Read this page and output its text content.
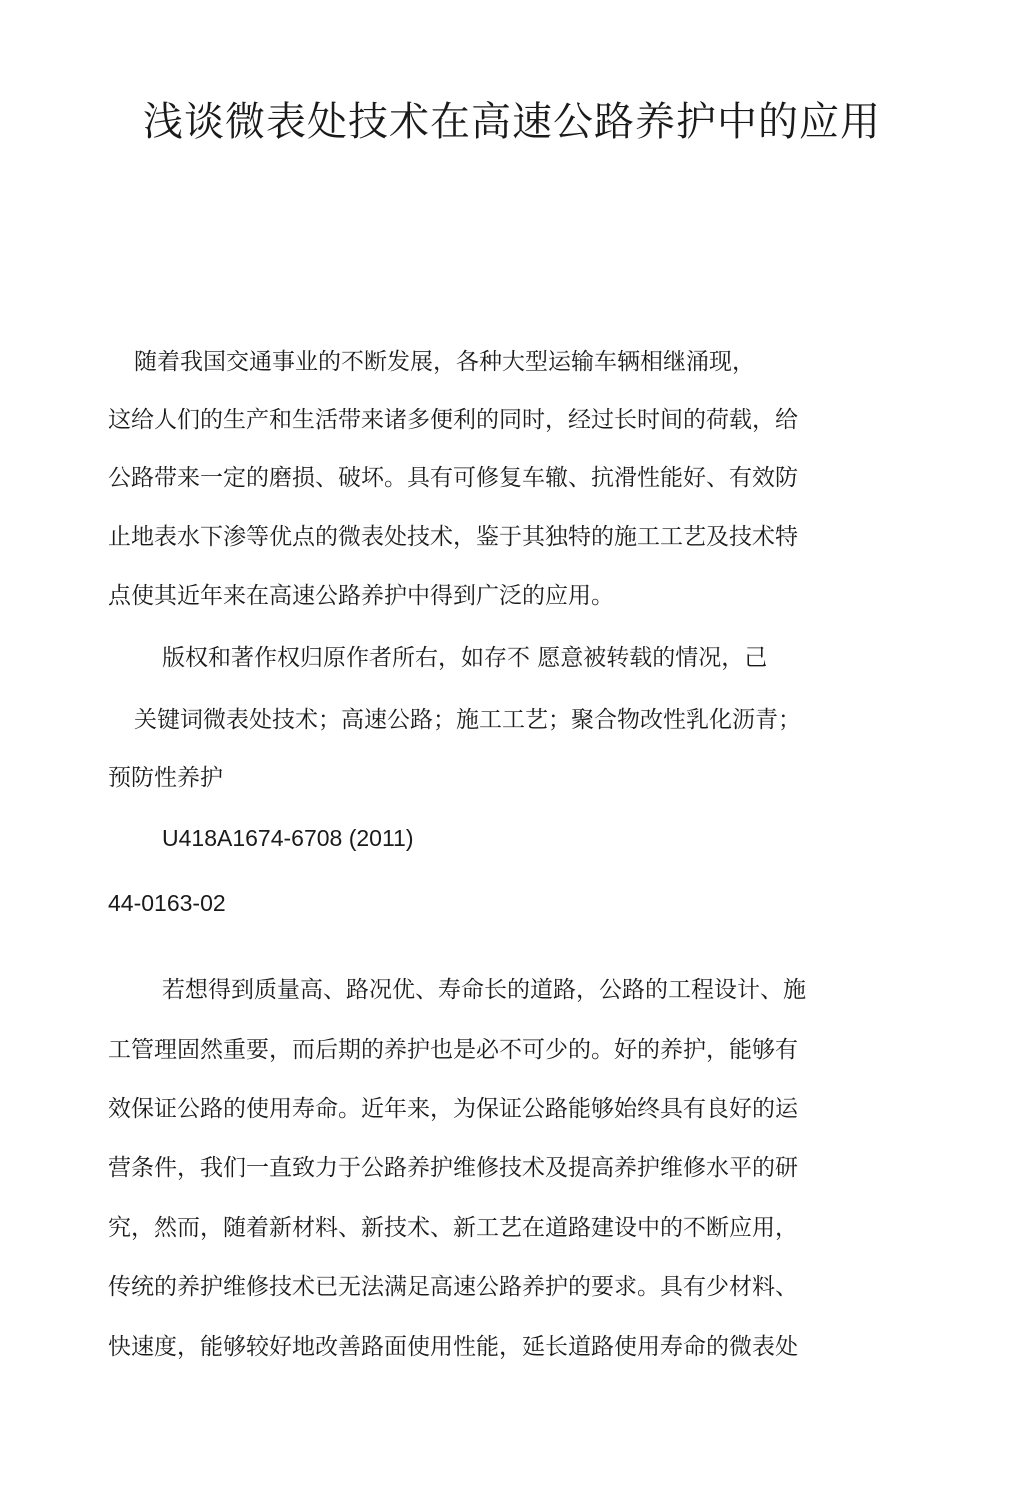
浅谈微表处技术在高速公路养护中的应用

随着我国交通事业的不断发展，各种大型运输车辆相继涌现，

这给人们的生产和生活带来诸多便利的同时，经过长时间的荷载，给

公路带来一定的磨损、破坏。具有可修复车辙、抗滑性能好、有效防

止地表水下渗等优点的微表处技术，鉴于其独特的施工工艺及技术特

点使其近年来在高速公路养护中得到广泛的应用。

版权和著作权归原作者所右，如存不 愿意被转载的情况，己

关键词微表处技术；高速公路；施工工艺；聚合物改性乳化沥青；

预防性养护

U418A1674-6708 (2011)

44-0163-02

若想得到质量高、路况优、寿命长的道路，公路的工程设计、施

工管理固然重要，而后期的养护也是必不可少的。好的养护，能够有

效保证公路的使用寿命。近年来，为保证公路能够始终具有良好的运

营条件，我们一直致力于公路养护维修技术及提高养护维修水平的研

究，然而，随着新材料、新技术、新工艺在道路建设中的不断应用，

传统的养护维修技术已无法满足高速公路养护的要求。具有少材料、

快速度，能够较好地改善路面使用性能，延长道路使用寿命的微表处
